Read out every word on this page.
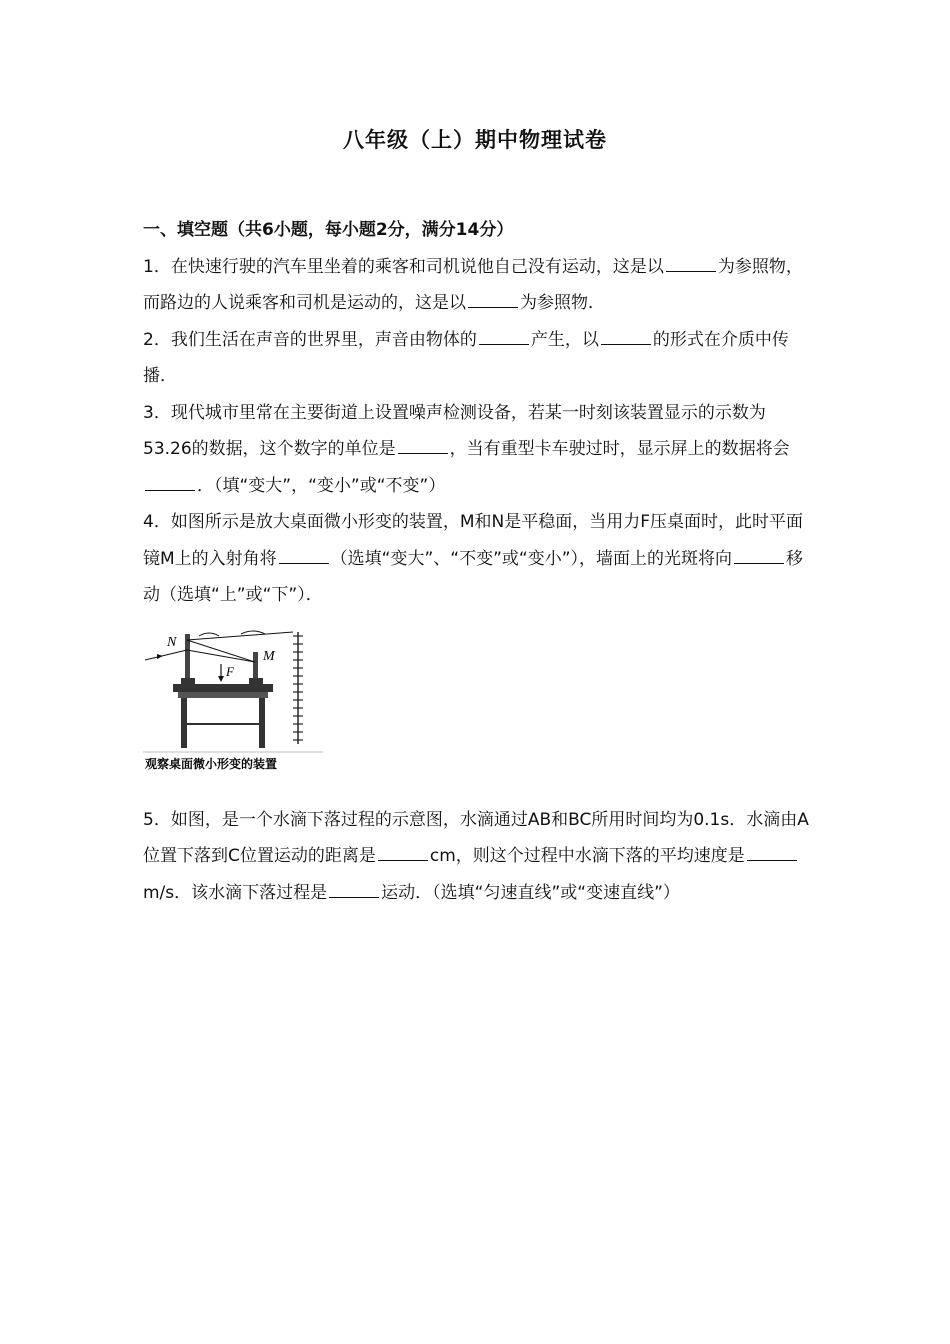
八年级（上）期中物理试卷
一、填空题（共6小题，每小题2分，满分14分）

1．在快速行驶的汽车里坐着的乘客和司机说他自己没有运动，这是以	为参照物，而路边的人说乘客和司机是运动的，这是以	为参照物．

2．我们生活在声音的世界里，声音由物体的	产生，以	的形式在介质中传播．

3．现代城市里常在主要街道上设置噪声检测设备，若某一时刻该装置显示的示数为53.26的数据，这个数字的单位是	，当有重型卡车驶过时，显示屏上的数据将会．（填“变大”，“变小”或“不变”）

4．如图所示是放大桌面微小形变的装置，M和N是平稳面，当用力F压桌面时，此时平面镜M上的入射角将	（选填“变大”、“不变”或“变小”），墙面上的光斑将向	移动（选填“上”或“下”）．

N
M
F
观察桌面微小形变的装置

5．如图，是一个水滴下落过程的示意图，水滴通过AB和BC所用时间均为0.1s．水滴由A位置下落到C位置运动的距离是	cm，则这个过程中水滴下落的平均速度是 m/s．该水滴下落过程是	运动．（选填“匀速直线”或“变速直线”）
